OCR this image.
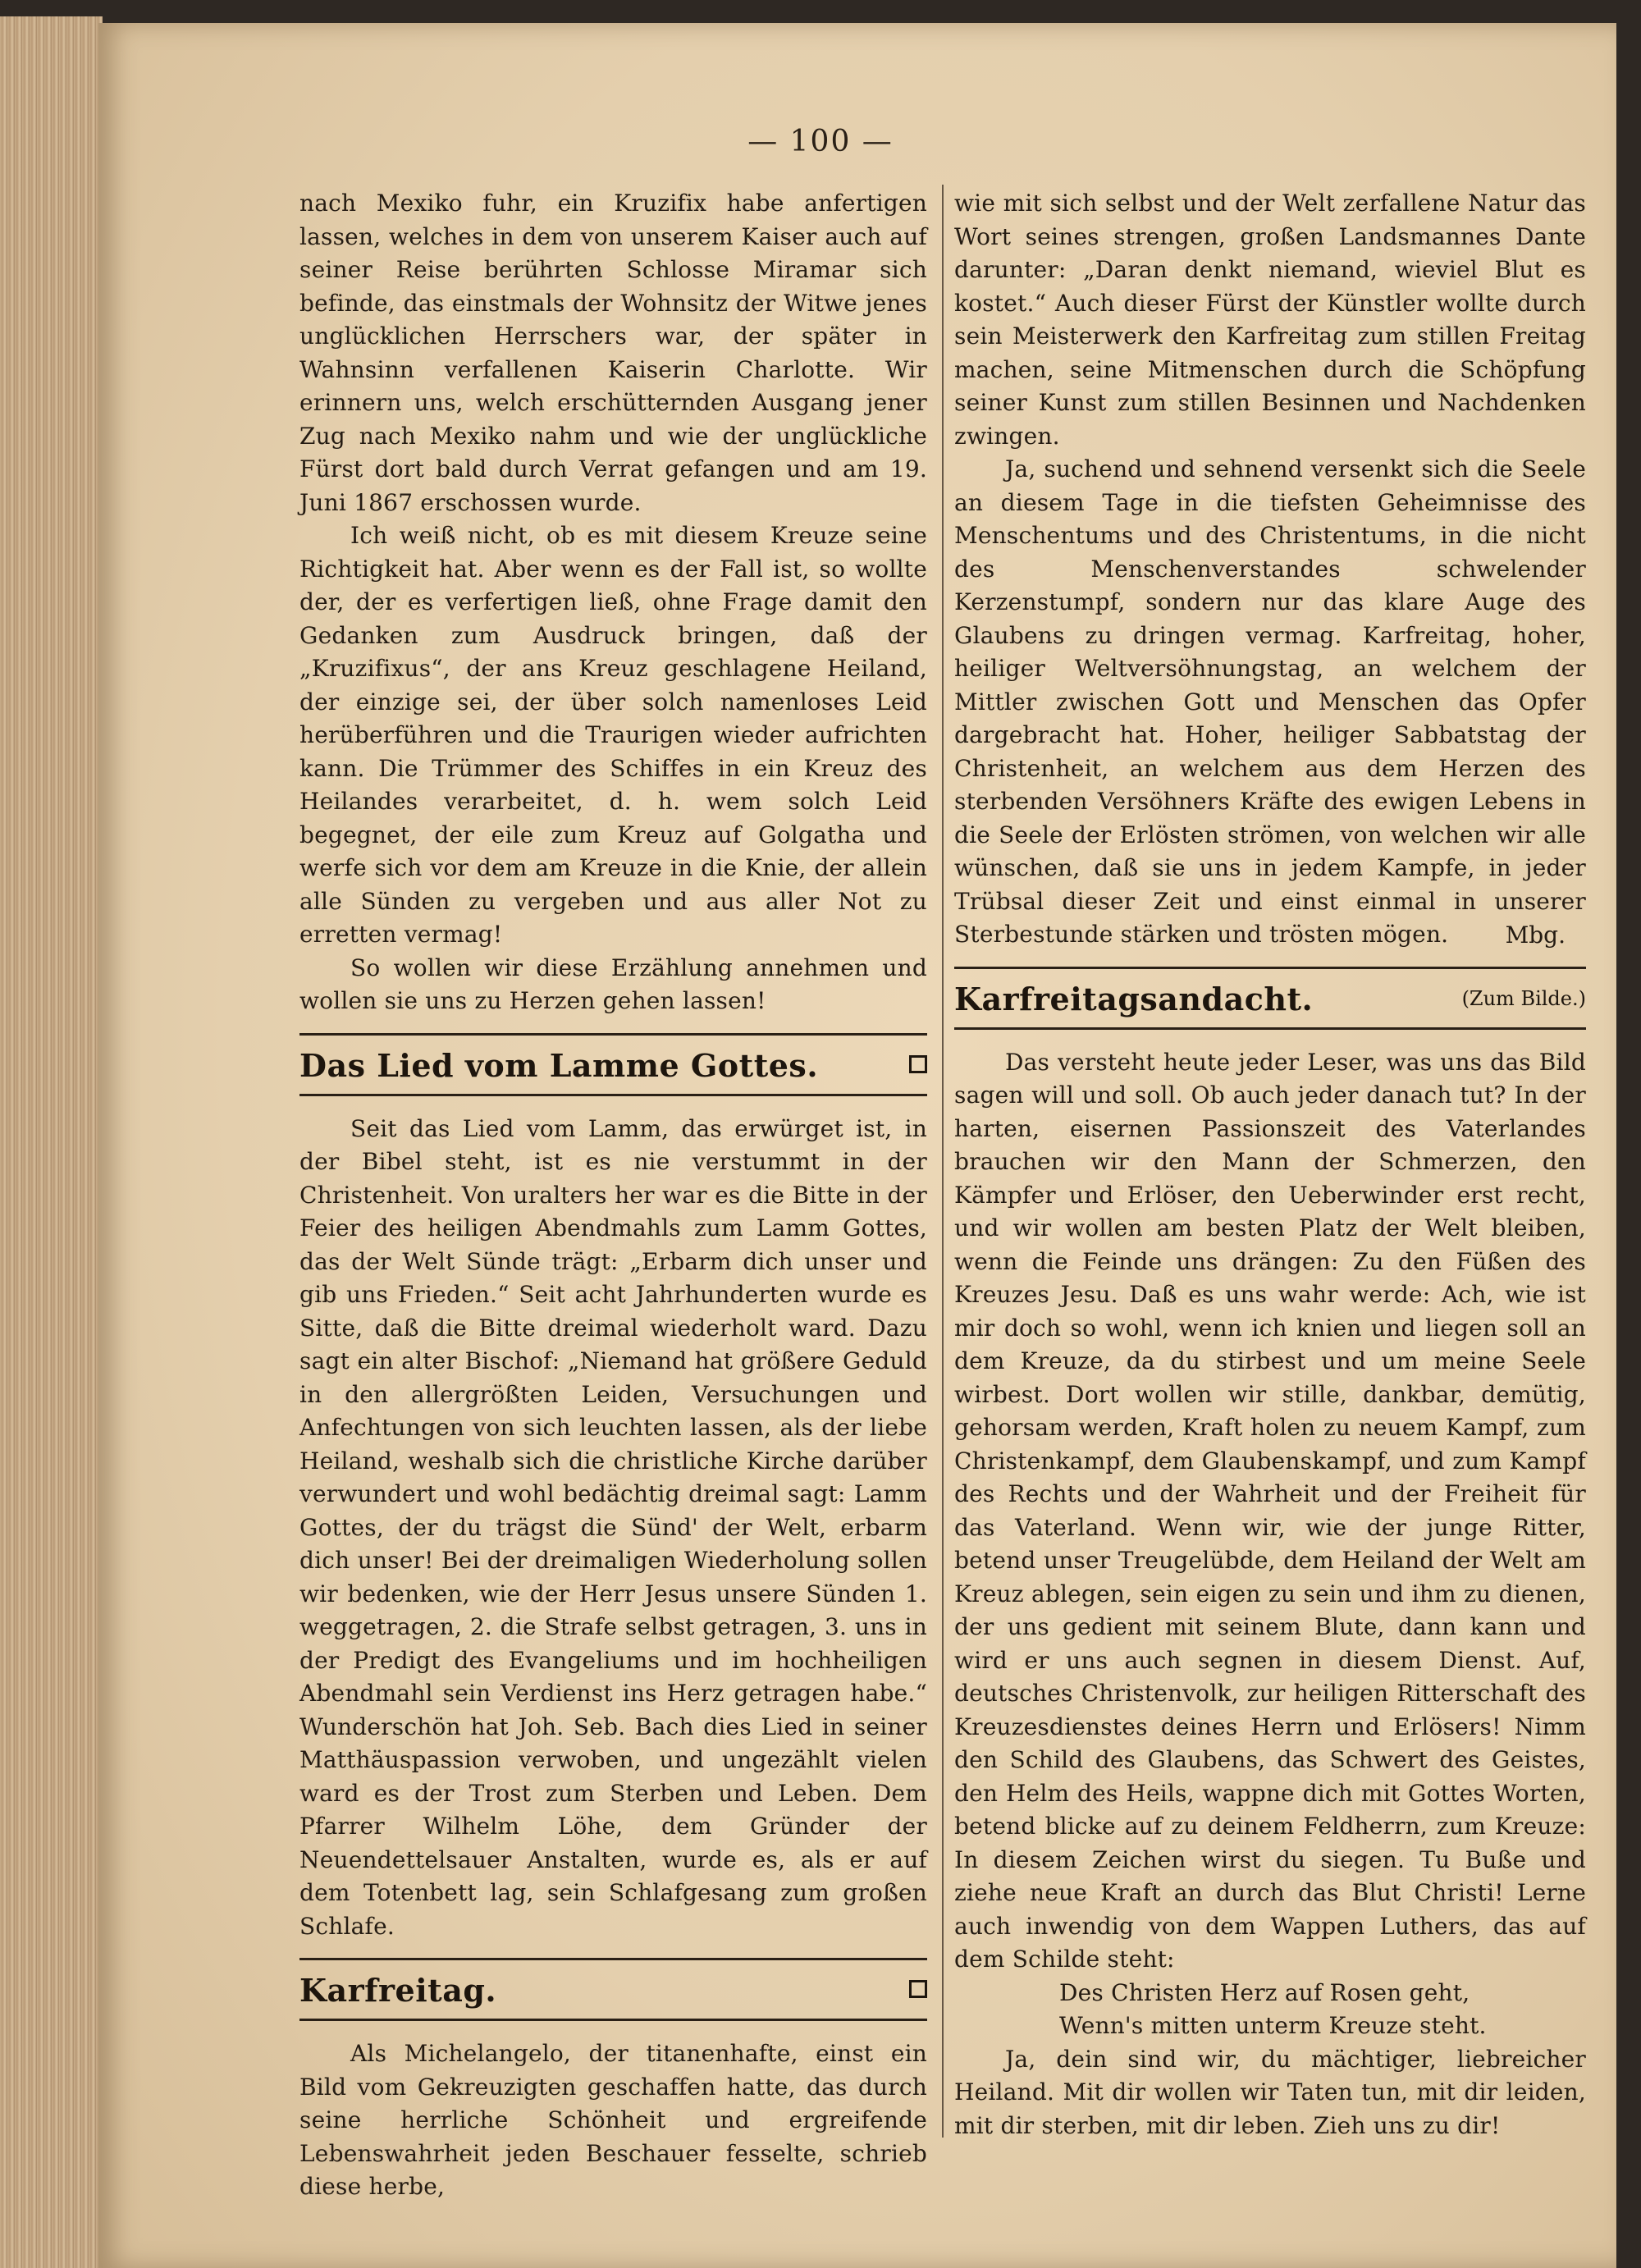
— 100 —

nach Mexiko fuhr, ein Kruzifix habe anfertigen lassen, welches in dem von unserem Kaiser auch auf seiner Reise berührten Schlosse Miramar sich befinde, das einstmals der Wohnsitz der Witwe jenes unglücklichen Herrschers war, der später in Wahnsinn verfallenen Kaiserin Charlotte. Wir erinnern uns, welch erschütternden Ausgang jener Zug nach Mexiko nahm und wie der unglückliche Fürst dort bald durch Verrat gefangen und am 19. Juni 1867 erschossen wurde.

Ich weiß nicht, ob es mit diesem Kreuze seine Richtigkeit hat. Aber wenn es der Fall ist, so wollte der, der es verfertigen ließ, ohne Frage damit den Gedanken zum Ausdruck bringen, daß der „Kruzifixus“, der ans Kreuz geschlagene Heiland, der einzige sei, der über solch namenloses Leid herüberführen und die Traurigen wieder aufrichten kann. Die Trümmer des Schiffes in ein Kreuz des Heilandes verarbeitet, d. h. wem solch Leid begegnet, der eile zum Kreuz auf Golgatha und werfe sich vor dem am Kreuze in die Knie, der allein alle Sünden zu vergeben und aus aller Not zu erretten vermag!

So wollen wir diese Erzählung annehmen und wollen sie uns zu Herzen gehen lassen!

Das Lied vom Lamme Gottes.

Seit das Lied vom Lamm, das erwürget ist, in der Bibel steht, ist es nie verstummt in der Christenheit. Von uralters her war es die Bitte in der Feier des heiligen Abendmahls zum Lamm Gottes, das der Welt Sünde trägt: „Erbarm dich unser und gib uns Frieden.“ Seit acht Jahrhunderten wurde es Sitte, daß die Bitte dreimal wiederholt ward. Dazu sagt ein alter Bischof: „Niemand hat größere Geduld in den allergrößten Leiden, Versuchungen und Anfechtungen von sich leuchten lassen, als der liebe Heiland, weshalb sich die christliche Kirche darüber verwundert und wohl bedächtig dreimal sagt: Lamm Gottes, der du trägst die Sünd' der Welt, erbarm dich unser! Bei der dreimaligen Wiederholung sollen wir bedenken, wie der Herr Jesus unsere Sünden 1. weggetragen, 2. die Strafe selbst getragen, 3. uns in der Predigt des Evangeliums und im hochheiligen Abendmahl sein Verdienst ins Herz getragen habe.“ Wunderschön hat Joh. Seb. Bach dies Lied in seiner Matthäuspassion verwoben, und ungezählt vielen ward es der Trost zum Sterben und Leben. Dem Pfarrer Wilhelm Löhe, dem Gründer der Neuendettelsauer Anstalten, wurde es, als er auf dem Totenbett lag, sein Schlafgesang zum großen Schlafe.

Karfreitag.

Als Michelangelo, der titanenhafte, einst ein Bild vom Gekreuzigten geschaffen hatte, das durch seine herrliche Schönheit und ergreifende Lebenswahrheit jeden Beschauer fesselte, schrieb diese herbe,

wie mit sich selbst und der Welt zerfallene Natur das Wort seines strengen, großen Landsmannes Dante darunter: „Daran denkt niemand, wieviel Blut es kostet.“ Auch dieser Fürst der Künstler wollte durch sein Meisterwerk den Karfreitag zum stillen Freitag machen, seine Mitmenschen durch die Schöpfung seiner Kunst zum stillen Besinnen und Nachdenken zwingen.

Ja, suchend und sehnend versenkt sich die Seele an diesem Tage in die tiefsten Geheimnisse des Menschentums und des Christentums, in die nicht des Menschenverstandes schwelender Kerzenstumpf, sondern nur das klare Auge des Glaubens zu dringen vermag. Karfreitag, hoher, heiliger Weltversöhnungstag, an welchem der Mittler zwischen Gott und Menschen das Opfer dargebracht hat. Hoher, heiliger Sabbatstag der Christenheit, an welchem aus dem Herzen des sterbenden Versöhners Kräfte des ewigen Lebens in die Seele der Erlösten strömen, von welchen wir alle wünschen, daß sie uns in jedem Kampfe, in jeder Trübsal dieser Zeit und einst einmal in unserer Sterbestunde stärken und trösten mögen.	Mbg.
Karfreitagsandacht.	(Zum Bilde.)

Das versteht heute jeder Leser, was uns das Bild sagen will und soll. Ob auch jeder danach tut? In der harten, eisernen Passionszeit des Vaterlandes brauchen wir den Mann der Schmerzen, den Kämpfer und Erlöser, den Ueberwinder erst recht, und wir wollen am besten Platz der Welt bleiben, wenn die Feinde uns drängen: Zu den Füßen des Kreuzes Jesu. Daß es uns wahr werde: Ach, wie ist mir doch so wohl, wenn ich knien und liegen soll an dem Kreuze, da du stirbest und um meine Seele wirbest. Dort wollen wir stille, dankbar, demütig, gehorsam werden, Kraft holen zu neuem Kampf, zum Christenkampf, dem Glaubenskampf, und zum Kampf des Rechts und der Wahrheit und der Freiheit für das Vaterland. Wenn wir, wie der junge Ritter, betend unser Treugelübde, dem Heiland der Welt am Kreuz ablegen, sein eigen zu sein und ihm zu dienen, der uns gedient mit seinem Blute, dann kann und wird er uns auch segnen in diesem Dienst. Auf, deutsches Christenvolk, zur heiligen Ritterschaft des Kreuzesdienstes deines Herrn und Erlösers! Nimm den Schild des Glaubens, das Schwert des Geistes, den Helm des Heils, wappne dich mit Gottes Worten, betend blicke auf zu deinem Feldherrn, zum Kreuze: In diesem Zeichen wirst du siegen. Tu Buße und ziehe neue Kraft an durch das Blut Christi! Lerne auch inwendig von dem Wappen Luthers, das auf dem Schilde steht:

Des Christen Herz auf Rosen geht,

Wenn's mitten unterm Kreuze steht.

Ja, dein sind wir, du mächtiger, liebreicher Heiland. Mit dir wollen wir Taten tun, mit dir leiden, mit dir sterben, mit dir leben. Zieh uns zu dir!
